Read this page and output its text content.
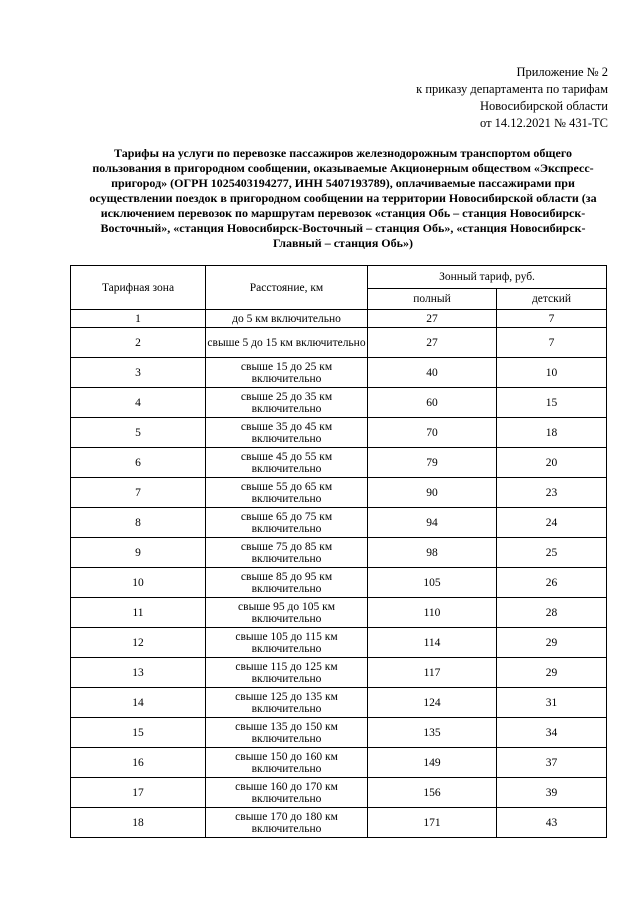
Приложение № 2
к приказу департамента по тарифам
Новосибирской области
от 14.12.2021 № 431-ТС
Тарифы на услуги по перевозке пассажиров железнодорожным транспортом общего пользования в пригородном сообщении, оказываемые Акционерным обществом «Экспресс-пригород» (ОГРН 1025403194277, ИНН 5407193789), оплачиваемые пассажирами при осуществлении поездок в пригородном сообщении на территории Новосибирской области (за исключением перевозок по маршрутам перевозок «станция Обь – станция Новосибирск-Восточный», «станция Новосибирск-Восточный – станция Обь», «станция Новосибирск-Главный – станция Обь»)
Тарифная зона	Расстояние, км	Зонный тариф, руб.	
		полный	детский
1	до 5 км включительно	27	7
2	свыше 5 до 15 км включительно	27	7
3	свыше 15 до 25 км включительно	40	10
4	свыше 25 до 35 км включительно	60	15
5	свыше 35 до 45 км включительно	70	18
6	свыше 45 до 55 км включительно	79	20
7	свыше 55 до 65 км включительно	90	23
8	свыше 65 до 75 км включительно	94	24
9	свыше 75 до 85 км включительно	98	25
10	свыше 85 до 95 км включительно	105	26
11	свыше 95 до 105 км включительно	110	28
12	свыше 105 до 115 км включительно	114	29
13	свыше 115 до 125 км включительно	117	29
14	свыше 125 до 135 км включительно	124	31
15	свыше 135 до 150 км включительно	135	34
16	свыше 150 до 160 км включительно	149	37
17	свыше 160 до 170 км включительно	156	39
18	свыше 170 до 180 км включительно	171	43
